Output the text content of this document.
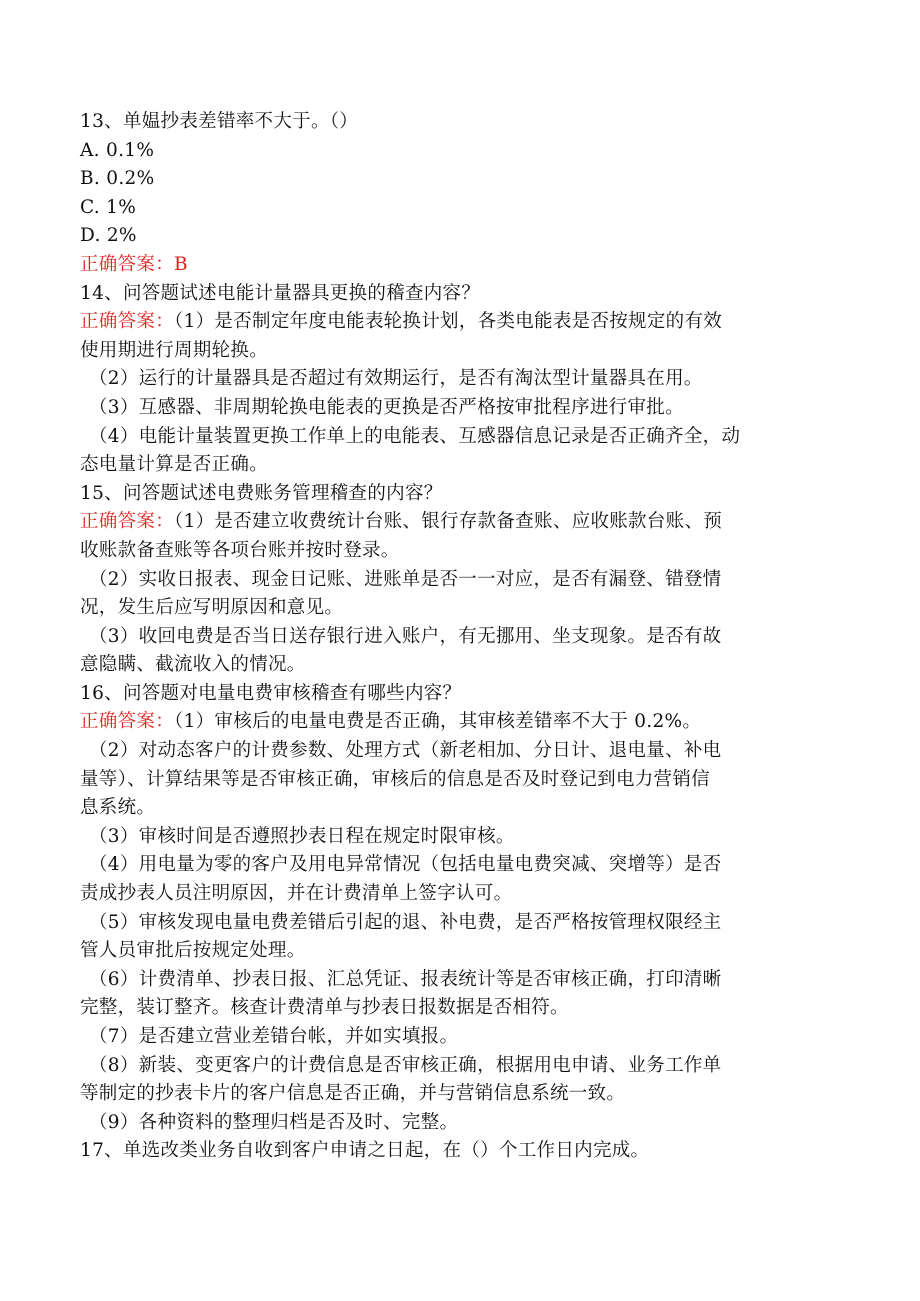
13、单媪抄表差错率不大于。（）
A. 0.1%
B. 0.2%
C. 1%
D. 2%
正确答案：B
14、问答题试述电能计量器具更换的稽查内容？
正确答案：（1）是否制定年度电能表轮换计划，各类电能表是否按规定的有效
使用期进行周期轮换。
（2）运行的计量器具是否超过有效期运行，是否有淘汰型计量器具在用。
（3）互感器、非周期轮换电能表的更换是否严格按审批程序进行审批。
（4）电能计量装置更换工作单上的电能表、互感器信息记录是否正确齐全，动
态电量计算是否正确。
15、问答题试述电费账务管理稽查的内容？
正确答案：（1）是否建立收费统计台账、银行存款备查账、应收账款台账、预
收账款备查账等各项台账并按时登录。
（2）实收日报表、现金日记账、进账单是否一一对应，是否有漏登、错登情
况，发生后应写明原因和意见。
（3）收回电费是否当日送存银行进入账户，有无挪用、坐支现象。是否有故
意隐瞒、截流收入的情况。
16、问答题对电量电费审核稽查有哪些内容？
正确答案：（1）审核后的电量电费是否正确，其审核差错率不大于 0.2%。
（2）对动态客户的计费参数、处理方式（新老相加、分日计、退电量、补电
量等）、计算结果等是否审核正确，审核后的信息是否及时登记到电力营销信
息系统。
（3）审核时间是否遵照抄表日程在规定时限审核。
（4）用电量为零的客户及用电异常情况（包括电量电费突减、突增等）是否
责成抄表人员注明原因，并在计费清单上签字认可。
（5）审核发现电量电费差错后引起的退、补电费，是否严格按管理权限经主
管人员审批后按规定处理。
（6）计费清单、抄表日报、汇总凭证、报表统计等是否审核正确，打印清晰
完整，装订整齐。核查计费清单与抄表日报数据是否相符。
（7）是否建立营业差错台帐，并如实填报。
（8）新装、变更客户的计费信息是否审核正确，根据用电申请、业务工作单
等制定的抄表卡片的客户信息是否正确，并与营销信息系统一致。
（9）各种资料的整理归档是否及时、完整。
17、单选改类业务自收到客户申请之日起，在（）个工作日内完成。
